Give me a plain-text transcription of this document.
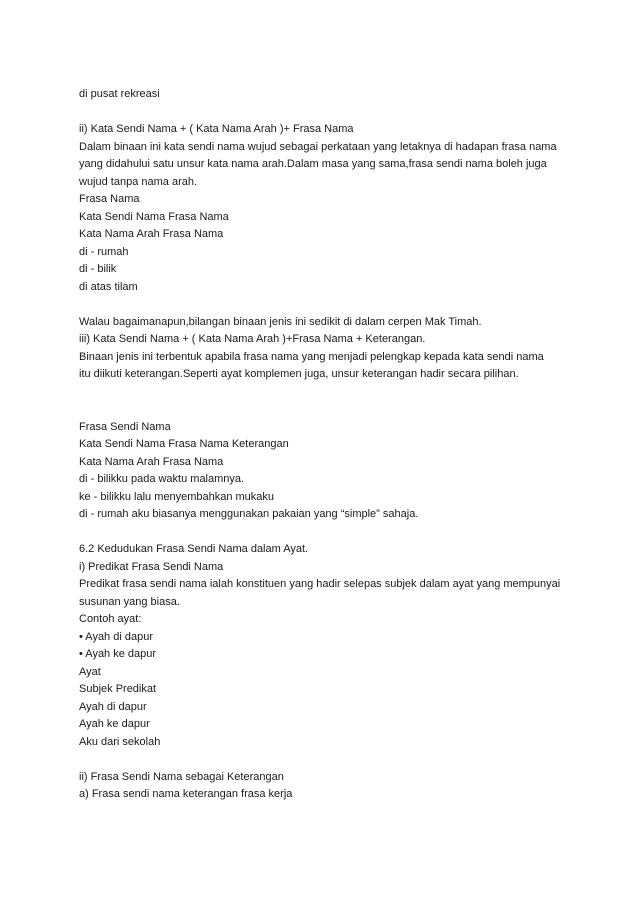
di pusat rekreasi
ii) Kata Sendi Nama + ( Kata Nama Arah )+ Frasa Nama
Dalam binaan ini kata sendi nama wujud sebagai perkataan yang letaknya di hadapan frasa nama
yang didahului satu unsur kata nama arah.Dalam masa yang sama,frasa sendi nama boleh juga
wujud tanpa nama arah.
Frasa Nama
Kata Sendi Nama Frasa Nama
Kata Nama Arah Frasa Nama
di - rumah
di - bilik
di atas tilam
Walau bagaimanapun,bilangan binaan jenis ini sedikit di dalam cerpen Mak Timah.
iii) Kata Sendi Nama + ( Kata Nama Arah )+Frasa Nama + Keterangan.
Binaan jenis ini terbentuk apabila frasa nama yang menjadi pelengkap kepada kata sendi nama
itu diikuti keterangan.Seperti ayat komplemen juga, unsur keterangan hadir secara pilihan.
Frasa Sendi Nama
Kata Sendi Nama Frasa Nama Keterangan
Kata Nama Arah Frasa Nama
di - bilikku pada waktu malamnya.
ke - bilikku lalu menyembahkan mukaku
di - rumah aku biasanya menggunakan pakaian yang “simple” sahaja.
6.2 Kedudukan Frasa Sendi Nama dalam Ayat.
i) Predikat Frasa Sendi Nama
Predikat frasa sendi nama ialah konstituen yang hadir selepas subjek dalam ayat yang mempunyai
susunan yang biasa.
Contoh ayat:
• Ayah di dapur
• Ayah ke dapur
Ayat
Subjek Predikat
Ayah di dapur
Ayah ke dapur
Aku dari sekolah
ii) Frasa Sendi Nama sebagai Keterangan
a) Frasa sendi nama keterangan frasa kerja
